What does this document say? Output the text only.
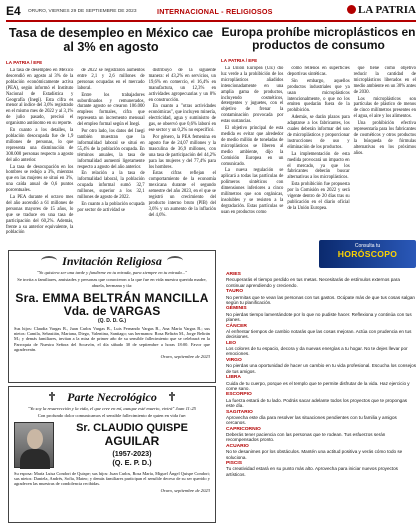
E4 ORURO, VIERNES 29 DE SEPTIEMBRE DE 2023	INTERNACIONAL - RELIGIOSOS	LA PATRIA
Tasa de desempleo en México cae al 3% en agosto
LA PATRIA / EFE

La tasa de desempleo en México descendió en agosto al 3% de la población económicamente activa (PEA), según informó el Instituto Nacional de Estadística y Geografía (Inegi). Esta cifra es menor al índice del 3,6% registrado en el mismo mes de 2022 y al 3,1% de julio pasado, precisó el organismo autónomo en su reporte.

En cuanto a los detalles, la población desocupada fue de 1,9 millones de personas, lo que representa una disminución de 308.000 personas respecto a agosto del año anterior.

La tasa de desocupación en los hombres se redujo a 3%, mientras que en las mujeres se situó en 3%, una caída anual de 0,6 puntos porcentuales.

La PEA durante el octavo mes del año ascendió a 61 millones de personas mayores de 15 años, lo que se traduce en una tasa de participación del 60,2%. Además, frente a su anterior equivalente, la población

de 2022 se registraron aumentos entre 2,1 y 2,6 millones de personas ocupadas en el mercado laboral.

Entre los trabajadores subordinados y remunerados, durante agosto se crearon 106.000 empleos formales, cifra que representa un incremento mensual del empleo formal según el Inegi.

Por otro lado, los datos del Inegi también muestran que la informalidad laboral se situó en 55,4% de la población ocupada. En términos anuales, la tasa de informalidad aumentó ligeramente respecto a agosto del año anterior.

En relación a la tasa de informalidad laboral, la población ocupada informal sumó 32,7 millones, superior a los 32,1 millones de agosto de 2022.

En cuanto a la población ocupada por sector de actividad se

distribuyó de la siguiente manera: el 43,2% en servicios, un 19,6% en comercio, el 16,4% en manufactura, un 12,3% en actividades agropecuarias y un 8% en construcción.

En cuanto a "otras actividades económicas", que incluyen minería, electricidad, agua y suministro de gas, se observó que 0,6% laboró en ese sector y un 0,2% no especificó.

Por género, la PEA femenina en agosto fue de 24,07 millones y la masculina de 36,9 millones, con una tasa de participación del 44,2% para las mujeres y del 77,4% para los hombres.

Estas cifras reflejan el comportamiento de la economía mexicana durante el segundo semestre del año 2023, en el que se registró un crecimiento del producto interno bruto (PIB) del 3,6% y un aumento de la inflación del 4,6%.

Europa prohíbe microplásticos en productos de consumo
LA PATRIA / EFE

La Unión Europea (UE) dio luz verde a la prohibición de los microplásticos añadidos intencionadamente en una amplia gama de productos, incluyendo cosméticos, detergentes y juguetes, con el objetivo de frenar la contaminación provocada por estas sustancias.

El objetivo principal de esta medida es evitar que alrededor de medio millón de toneladas de microplásticos se liberen al medio ambiente, dijo la Comisión Europea en un comunicado.

La nueva regulación se aplicará a todas las partículas de polímeros sintéticos con dimensiones inferiores a cinco milímetros que son orgánicas, insolubles y se resisten a la degradación. Estas partículas se usan en productos como

como rellenos en superficies deportivas sintéticas.

Sin embargo, aquellos productos industriales que ya usan microplásticos intencionalmente, o que no los emiten quedarán fuera de la prohibición.

Además, se darán plazos para adaptarse a los fabricantes, los cuales deberán informar del uso de microplásticos y proporcionar instrucciones de uso y eliminación de los productos.

La implementación de esta medida provocará un impacto en el mercado, ya que los fabricantes deberán buscar alternativas a los microplásticos.

Esta prohibición fue propuesta por la Comisión en 2022 y será vigente dentro de 20 días tras su publicación en el diario oficial de la Unión Europea.

que tiene como objetivo reducir la cantidad de microplásticos liberados en el medio ambiente en un 30% antes de 2030.

Los microplásticos son partículas de plástico de menos de cinco milímetros presentes en el agua, el aire y los alimentos.

Una prohibición efectiva representaría para los fabricantes de cosméticos y otros productos la búsqueda de fórmulas alternativas en los próximos años.

Consulta tu
HORÓSCOPO
ARIES
Recuperarás el tiempo perdido en tus metas. Necesitarás de estímulos externos para continuar aprendiendo y creciendo.
TAURO
No permitas que te vean las personas con tus gastos. Ocúpate más de que tus cosas salgan según tu planificación.
GÉMINIS
No pierdas tiempo lamentándote por lo que no pudiste hacer. Reflexiona y continúa con tus planes.
CÁNCER
Al enfrentar tiempos de cambio notarás que las cosas mejoran. Actúa con prudencia en tus decisiones.
LEO
Los colores de tu espacio, decora y da nuevas energías a tu hogar. No te dejes llevar por emociones.
VIRGO
No pierdas una oportunidad de hacer un cambio en tu vida profesional. Escucha los consejos de tus amigos.
LIBRA
Cuida de tu cuerpo, porque es el templo que te permite disfrutar de la vida. Haz ejercicio y come sano.
ESCORPIO
La fuerza estará de tu lado. Podrás sacar adelante todos los proyectos que te propongas este día.
SAGITARIO
Aprovecha este día para resolver las situaciones pendientes con tu familia y amigos cercanos.
CAPRICORNIO
Deberás tener paciencia con las personas que te rodean. Tus esfuerzos serán recompensados pronto.
ACUARIO
No te desanimes por los obstáculos. Mantén una actitud positiva y verás cómo todo se soluciona.
PISCIS
Tu creatividad estará en su punto más alto. Aprovecha para iniciar nuevos proyectos artísticos.
Invitación Religiosa
"Yo quisiera ser una tarde y fundirme en tu mirada, para siempre en tu mirada..."
Se invita a familiares, amistades y personas que conocieron a la que fue en vida nuestra querida madre, abuela, hermana y tía:
Sra. EMMA BELTRÁN MANCILLA
Vda. de VARGAS
(Q. D. D. G.)
Sus hijos: Claudia Vargas B., Juan Carlos Vargas B., Luis Fernando Vargas B., Ana María Vargas B.; sus nietos: Camila, Sebastián, Mariana, Diego, Valentina, Santiago; sus hermanos: Rosa Beltrán M., Jorge Beltrán M.; y demás familiares, invitan a la misa de primer año de su sensible fallecimiento que se celebrará en la Parroquia de Nuestra Señora del Socavón, el día sábado 30 de septiembre a horas 18:00. Favor que agradecerán.
Oruro, septiembre de 2023
Parte Necrológico
"Yo soy la resurrección y la vida, el que cree en mí, aunque esté muerto, vivirá" Juan 11:25
Con profundo dolor comunicamos el sensible fallecimiento de quien en vida fue:
Sr. CLAUDIO QUISPE
AGUILAR
(1957-2023)
(Q. E. P. D.)
Su esposa: María Luisa Condori de Quispe; sus hijos: Juan Carlos, Rosa María, Miguel Ángel Quispe Condori; sus nietos: Daniela, Andrés, Sofía, Mateo; y demás familiares participan el sensible deceso de su ser querido y agradecen las muestras de condolencia recibidas.
Oruro, septiembre de 2023
